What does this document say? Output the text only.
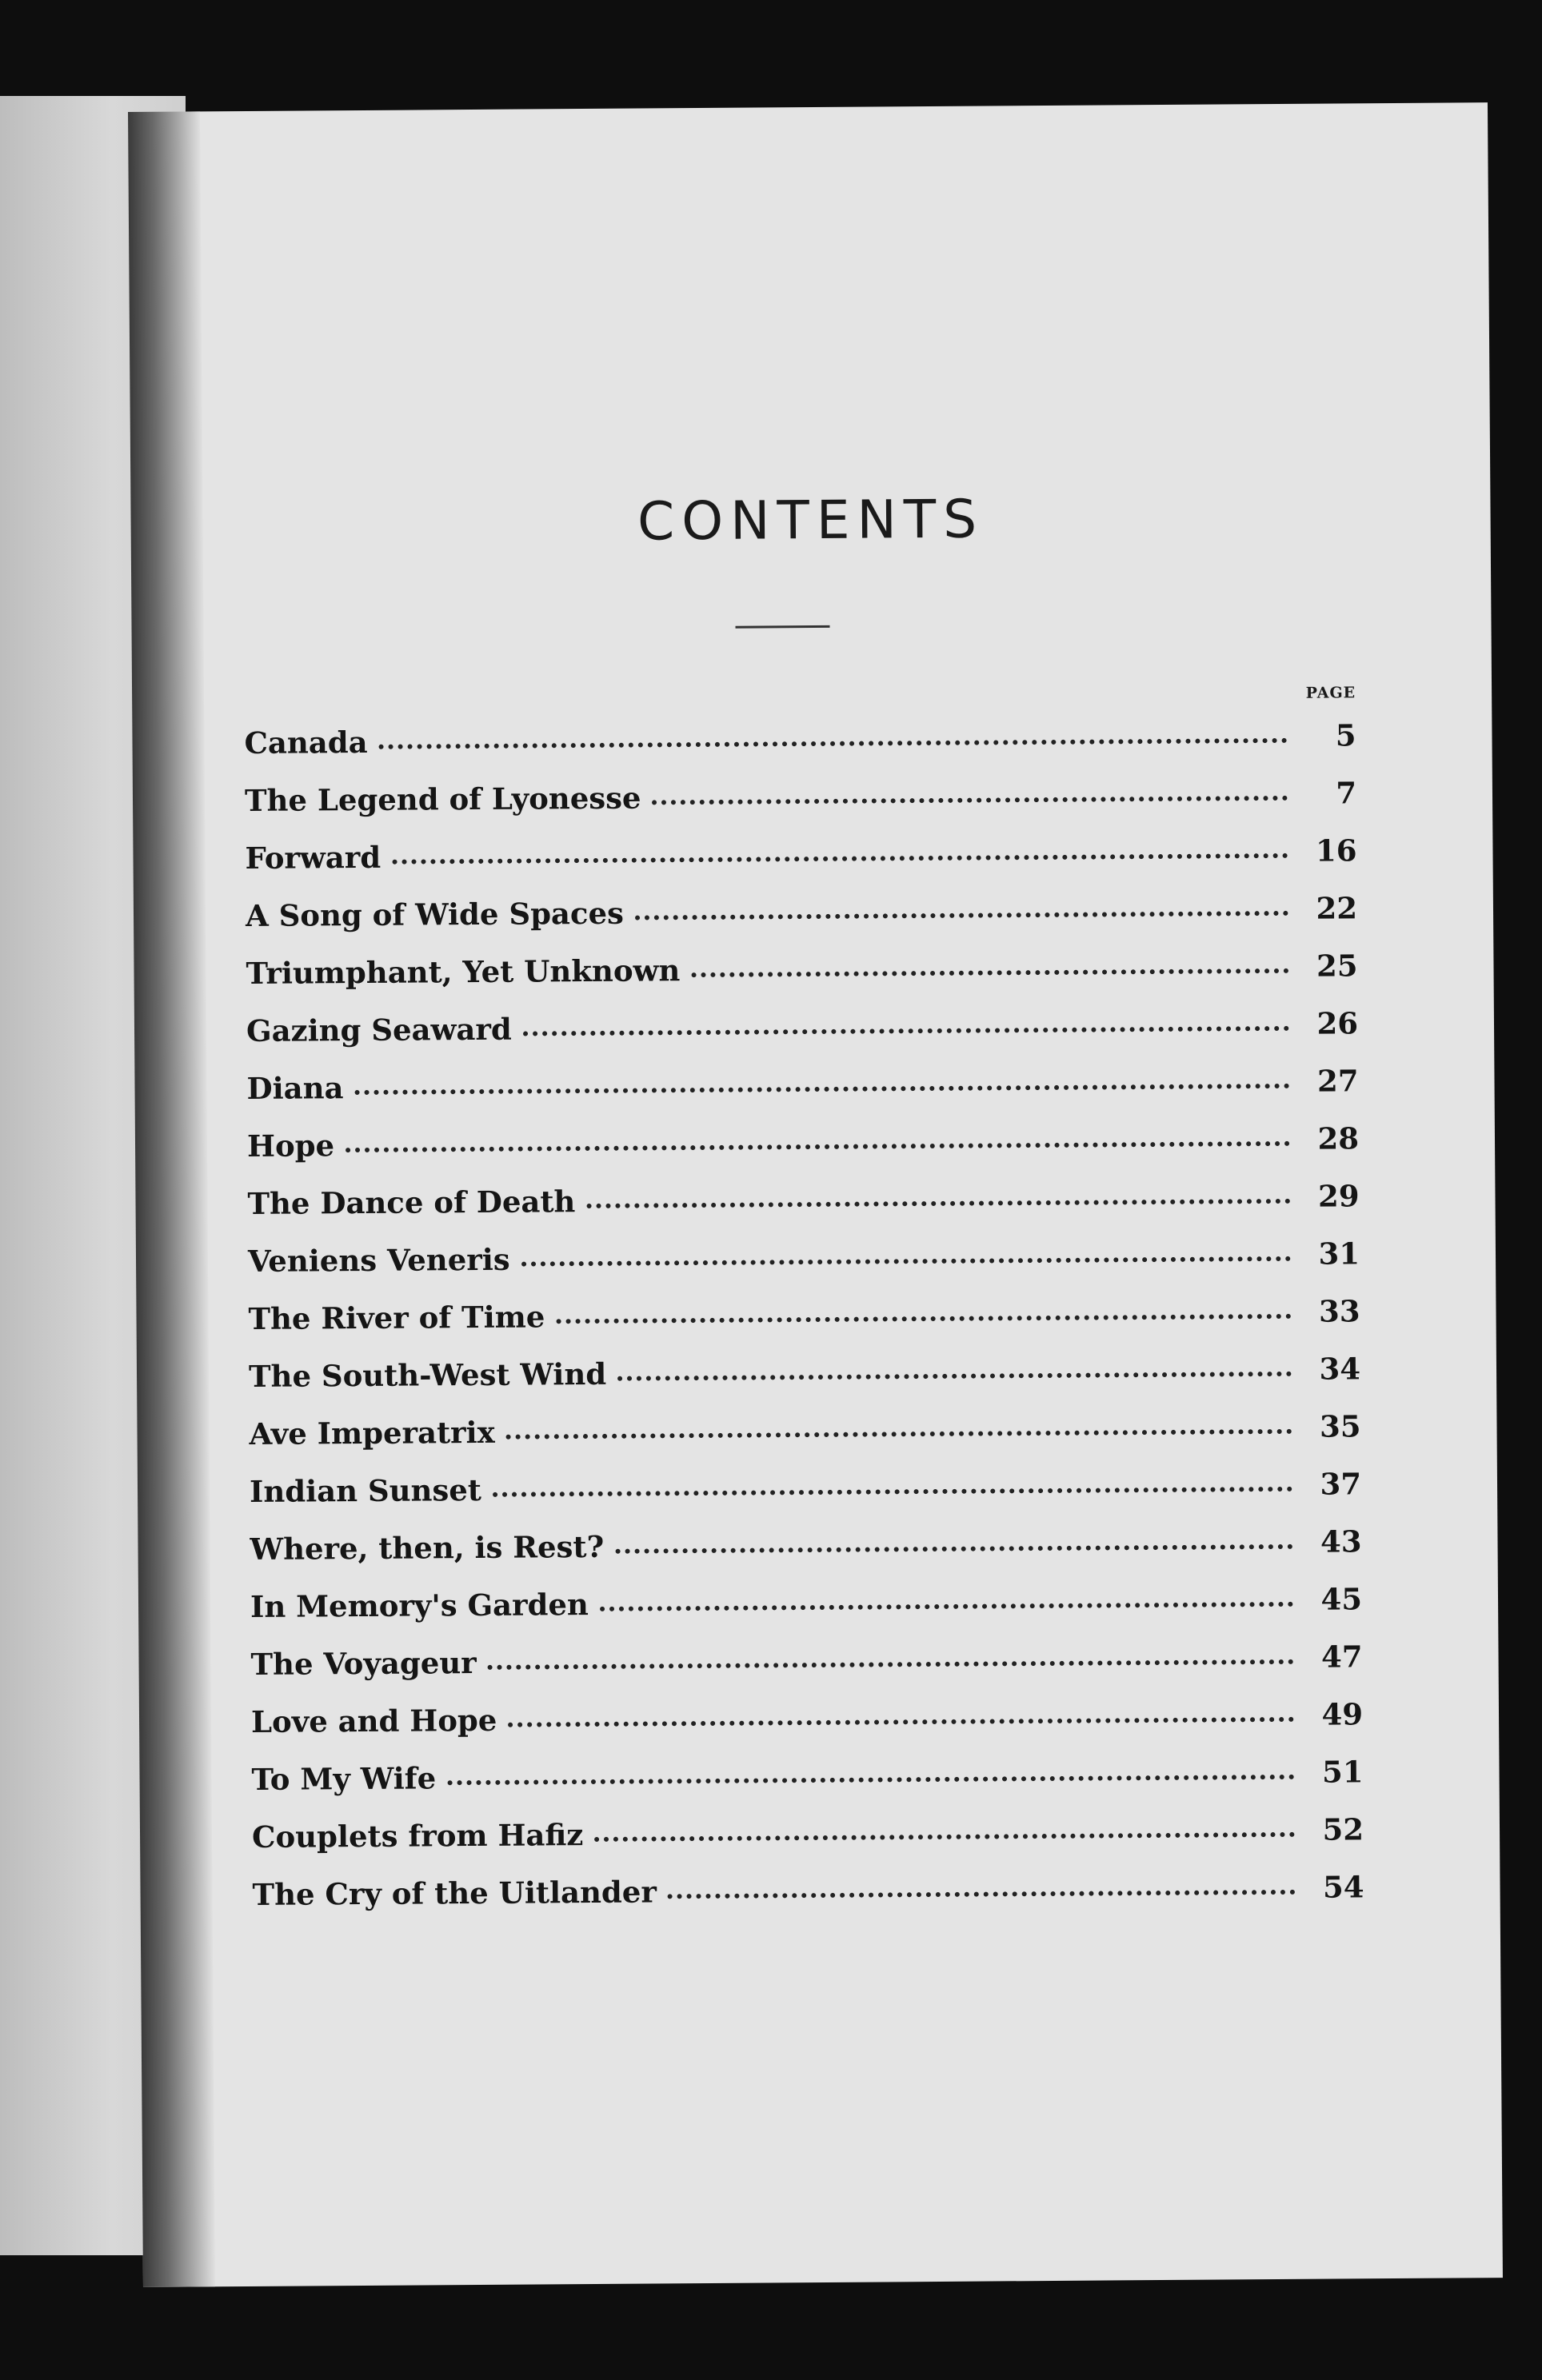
CONTENTS
PAGE
Canada	5
The Legend of Lyonesse	7
Forward	16
A Song of Wide Spaces	22
Triumphant, Yet Unknown	25
Gazing Seaward	26
Diana	27
Hope	28
The Dance of Death	29
Veniens Veneris	31
The River of Time	33
The South-West Wind	34
Ave Imperatrix	35
Indian Sunset	37
Where, then, is Rest?	43
In Memory's Garden	45
The Voyageur	47
Love and Hope	49
To My Wife	51
Couplets from Hafiz	52
The Cry of the Uitlander	54
